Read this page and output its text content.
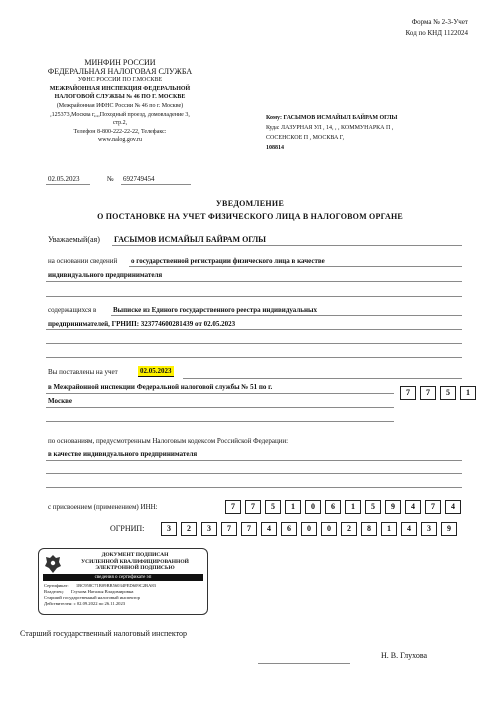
Форма № 2-3-Учет
Код по КНД 1122024
МИНФИН РОССИИ
ФЕДЕРАЛЬНАЯ НАЛОГОВАЯ СЛУЖБА
УФНС РОССИИ ПО Г.МОСКВЕ
МЕЖРАЙОННАЯ ИНСПЕКЦИЯ ФЕДЕРАЛЬНОЙ
НАЛОГОВОЙ СЛУЖБЫ № 46 ПО Г. МОСКВЕ
(Межрайонная ИФНС России № 46 по г. Москве)
,125373,Москва г,,,,Походный проезд, домовладение 3,
стр.2,
Телефон 8-800-222-22-22, Телефакс:
www.nalog.gov.ru
Кому: ГАСЫМОВ ИСМАЙЫЛ БАЙРАМ ОГЛЫ
Куда: ЛАЗУРНАЯ УЛ , 14, , , КОММУНАРКА П ,
СОСЕНСКОЕ П , МОСКВА Г,
108814
02.05.2023	№ 692749454
УВЕДОМЛЕНИЕ
О ПОСТАНОВКЕ НА УЧЕТ ФИЗИЧЕСКОГО ЛИЦА В НАЛОГОВОМ ОРГАНЕ
Уважаемый(ая) ГАСЫМОВ ИСМАЙЫЛ БАЙРАМ ОГЛЫ
на основании сведений о государственной регистрации физического лица в качестве
индивидуального предпринимателя
содержащихся в Выписке из Единого государственного реестра индивидуальных
предпринимателей, ГРНИП: 323774600281439 от 02.05.2023
Вы поставлены на учет	02.05.2023
в Межрайонной инспекции Федеральной налоговой службы № 51 по г.
Москве
7	7	5	1
по основаниям, предусмотренным Налоговым кодексом Российской Федерации:
в качестве индивидуального предпринимателя
с присвоением (применением) ИНН:	7	7	5	1	0	6	1	5	9	4	7	4
ОГРНИП:	3	2	3	7	7	4	6	0	0	2	8	1	4	3	9
ДОКУМЕНТ ПОДПИСАН
УСИЛЕННОЙ КВАЛИФИЦИРОВАННОЙ
ЭЛЕКТРОННОЙ ПОДПИСЬЮ
сведения о сертификате эп
Сертификат: 1BC958C71B09BB56034FED609C2BA83
Владелец: Глухова Наталья Владимировна
Старший государственный налоговый инспектор
Действителен: с 02.09.2022 по 26.11.2023
Старший государственный налоговый инспектор
Н. В. Глухова
